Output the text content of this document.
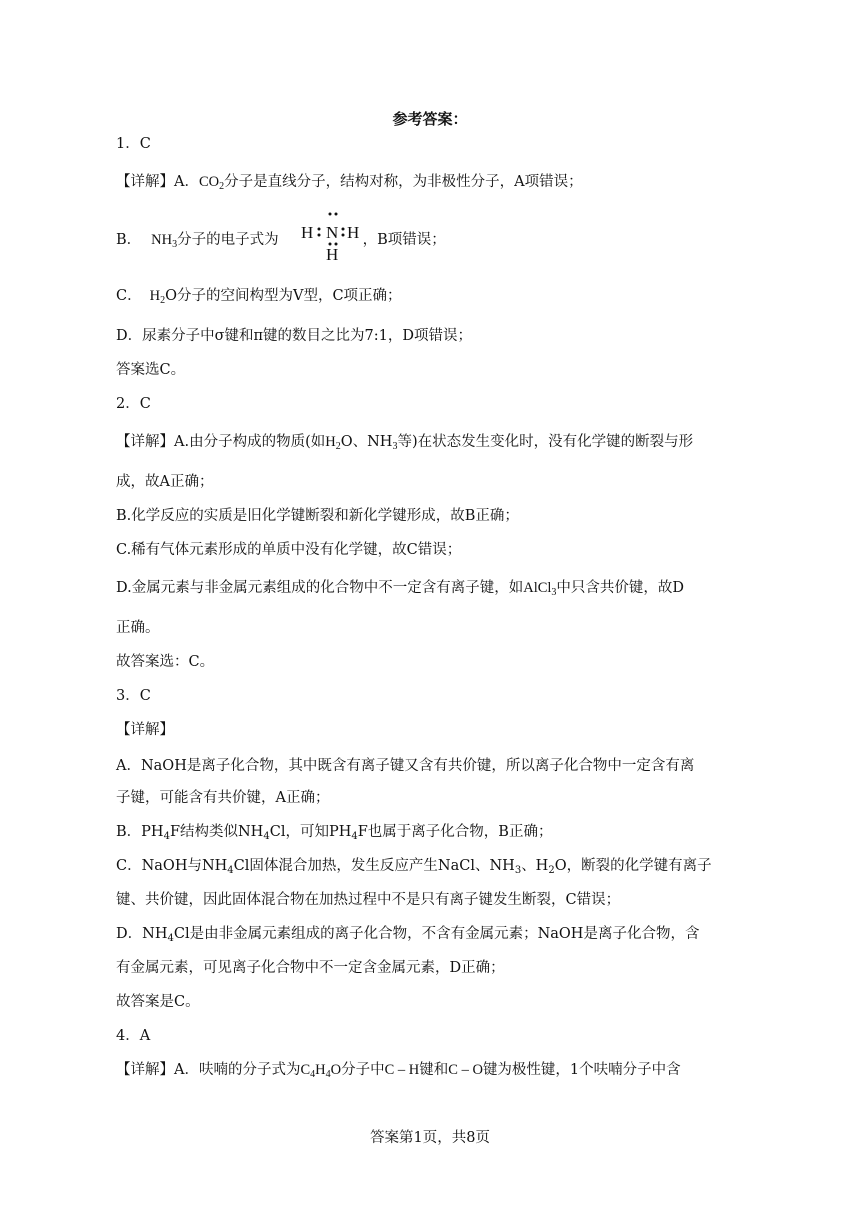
参考答案：
1．C
【详解】A．$CO_2$分子是直线分子，结构对称，为非极性分子，A项错误；
B． $NH_3$分子的电子式为	，B项错误；
H N H
H
C． $H_2O$分子的空间构型为V型，C项正确；
D．尿素分子中σ键和π键的数目之比为7:1，D项错误；
答案选C。
2．C
【详解】A.由分子构成的物质(如$H_2O$、$NH_3$等)在状态发生变化时，没有化学键的断裂与形
成，故A正确；
B.化学反应的实质是旧化学键断裂和新化学键形成，故B正确；
C.稀有气体元素形成的单质中没有化学键，故C错误；
D.金属元素与非金属元素组成的化合物中不一定含有离子键，如AlCl$_3$中只含共价键，故D
正确。
故答案选：C。
3．C
【详解】
A．NaOH是离子化合物，其中既含有离子键又含有共价键，所以离子化合物中一定含有离
子键，可能含有共价键，A正确；
B．$PH_4F$结构类似$NH_4Cl$，可知$PH_4F$也属于离子化合物，B正确；
C．NaOH与$NH_4Cl$固体混合加热，发生反应产生NaCl、$NH_3$、$H_2O$，断裂的化学键有离子
键、共价键，因此固体混合物在加热过程中不是只有离子键发生断裂，C错误；
D．$NH_4Cl$是由非金属元素组成的离子化合物，不含有金属元素；NaOH是离子化合物，含
有金属元素，可见离子化合物中不一定含金属元素，D正确；
故答案是C。
4．A
【详解】A．呋喃的分子式为$C_4H_4O$分子中C – H键和C – O键为极性键，1个呋喃分子中含
答案第1页，共8页
